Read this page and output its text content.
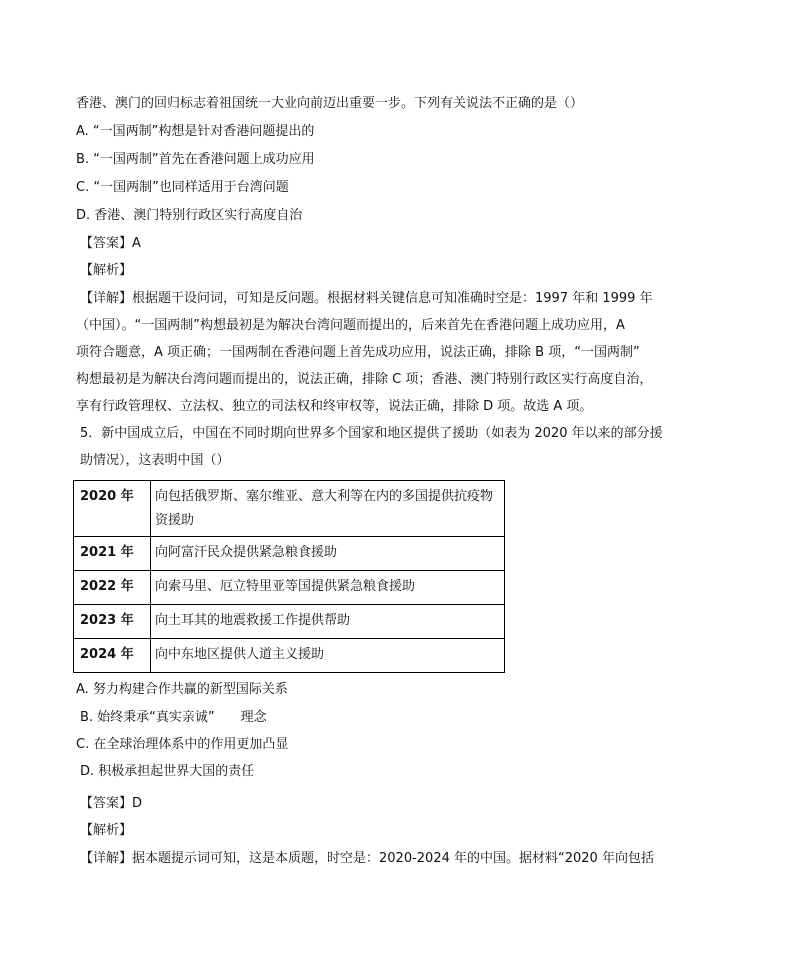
香港、澳门的回归标志着祖国统一大业向前迈出重要一步。下列有关说法不正确的是（）
A. “一国两制”构想是针对香港问题提出的
B. “一国两制”首先在香港问题上成功应用
C. “一国两制”也同样适用于台湾问题
D. 香港、澳门特别行政区实行高度自治
【答案】A
【解析】
【详解】根据题干设问词，可知是反问题。根据材料关键信息可知准确时空是：1997 年和 1999 年
（中国）。“一国两制”构想最初是为解决台湾问题而提出的，后来首先在香港问题上成功应用，A
项符合题意，A 项正确；一国两制在香港问题上首先成功应用，说法正确，排除 B 项，“一国两制”
构想最初是为解决台湾问题而提出的，说法正确，排除 C 项；香港、澳门特别行政区实行高度自治，
享有行政管理权、立法权、独立的司法权和终审权等，说法正确，排除 D 项。故选 A 项。
5．新中国成立后，中国在不同时期向世界多个国家和地区提供了援助（如表为 2020 年以来的部分援
助情况），这表明中国（）
2020 年	向包括俄罗斯、塞尔维亚、意大利等在内的多国提供抗疫物资援助
2021 年	向阿富汗民众提供紧急粮食援助
2022 年	向索马里、厄立特里亚等国提供紧急粮食援助
2023 年	向土耳其的地震救援工作提供帮助
2024 年	向中东地区提供人道主义援助
A. 努力构建合作共赢的新型国际关系
B. 始终秉承“真实亲诚”　　理念
C. 在全球治理体系中的作用更加凸显
D. 积极承担起世界大国的责任
【答案】D
【解析】
【详解】据本题提示词可知，这是本质题，时空是：2020-2024 年的中国。据材料“2020 年向包括
